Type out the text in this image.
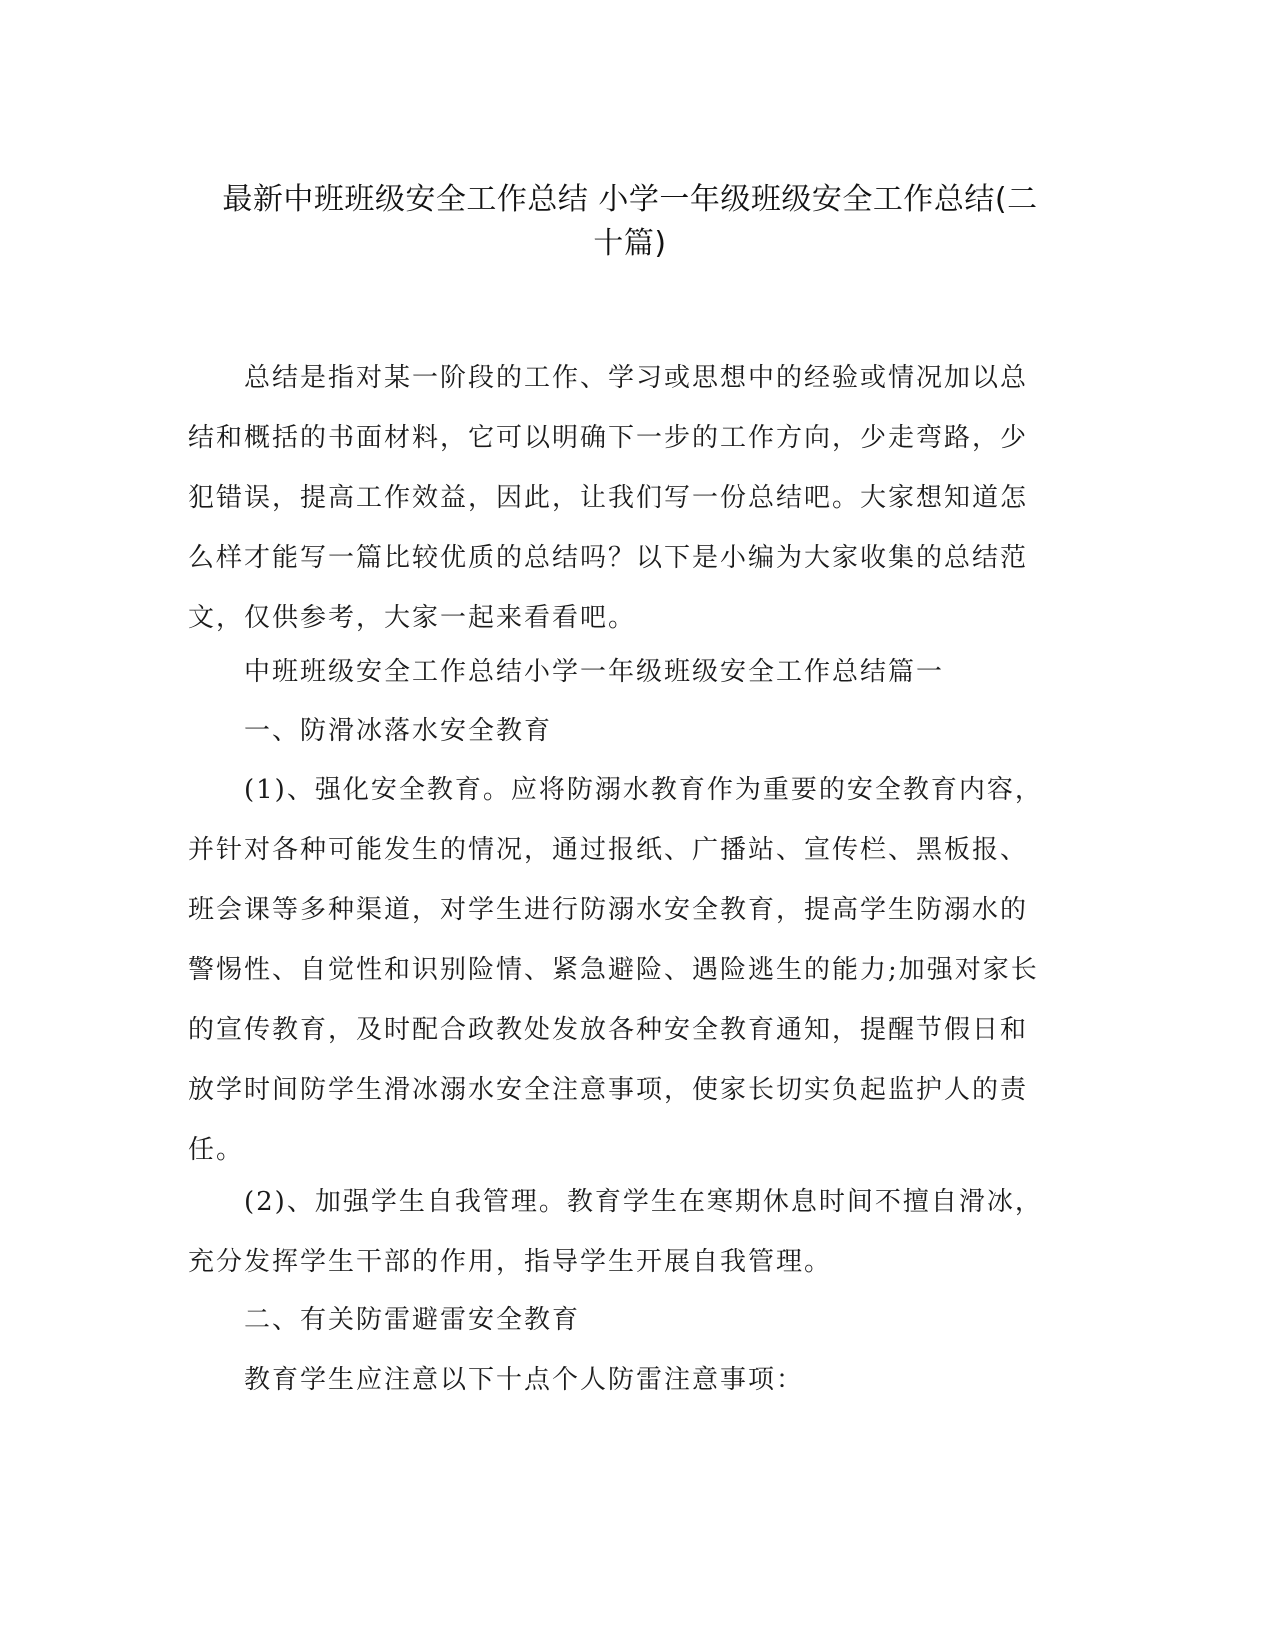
最新中班班级安全工作总结 小学一年级班级安全工作总结(二
十篇)
　　总结是指对某一阶段的工作、学习或思想中的经验或情况加以总
结和概括的书面材料，它可以明确下一步的工作方向，少走弯路，少
犯错误，提高工作效益，因此，让我们写一份总结吧。大家想知道怎
么样才能写一篇比较优质的总结吗？以下是小编为大家收集的总结范
文，仅供参考，大家一起来看看吧。
　　中班班级安全工作总结小学一年级班级安全工作总结篇一
　　一、防滑冰落水安全教育
　　(1)、强化安全教育。应将防溺水教育作为重要的安全教育内容，
并针对各种可能发生的情况，通过报纸、广播站、宣传栏、黑板报、
班会课等多种渠道，对学生进行防溺水安全教育，提高学生防溺水的
警惕性、自觉性和识别险情、紧急避险、遇险逃生的能力;加强对家长
的宣传教育，及时配合政教处发放各种安全教育通知，提醒节假日和
放学时间防学生滑冰溺水安全注意事项，使家长切实负起监护人的责
任。
　　(2)、加强学生自我管理。教育学生在寒期休息时间不擅自滑冰，
充分发挥学生干部的作用，指导学生开展自我管理。
　　二、有关防雷避雷安全教育
　　教育学生应注意以下十点个人防雷注意事项：
